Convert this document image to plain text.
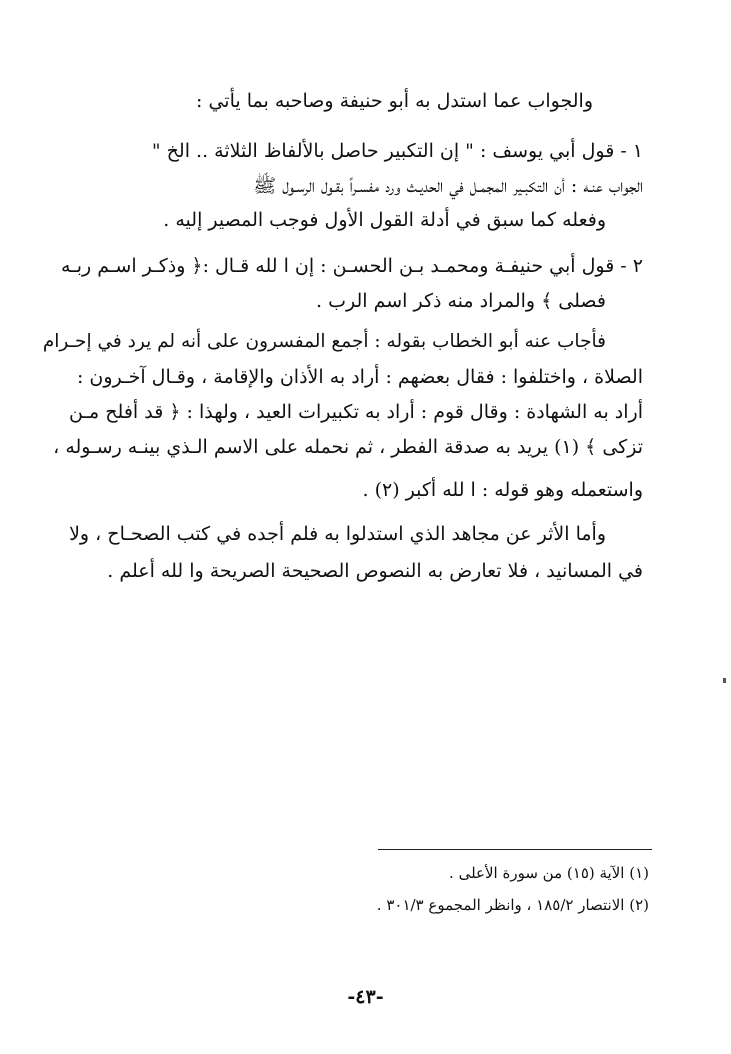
والجواب عما استدل به أبو حنيفة وصاحبه بما يأتي :
١ - قول أبي يوسف : " إن التكبير حاصل بالألفاظ الثلاثة .. الخ "
الجواب عنـه : أن التكبـير المجمـل في الحديـث ورد مفسـراً بقـول الرسـول ﷺ
وفعله كما سبق في أدلة القول الأول فوجب المصير إليه .
٢ - قول أبي حنيفـة ومحمـد بـن الحسـن : إن ا لله قـال :﴿ وذكـر اسـم ربـه
فصلى ﴾ والمراد منه ذكر اسم الرب .
فأجاب عنه أبو الخطاب بقوله : أجمع المفسرون على أنه لم يرد في إحـرام
الصلاة ، واختلفوا : فقال بعضهم : أراد به الأذان والإقامة ، وقـال آخـرون :
أراد به الشهادة : وقال قوم : أراد به تكبيرات العيد ، ولهذا : ﴿ قد أفلح مـن
تزكى ﴾ (١) يريد به صدقة الفطر ، ثم نحمله على الاسم الـذي بينـه رسـوله ،
واستعمله وهو قوله : ا لله أكبر (٢) .
وأما الأثر عن مجاهد الذي استدلوا به فلم أجده في كتب الصحـاح ، ولا
في المسانيد ، فلا تعارض به النصوص الصحيحة الصريحة وا لله أعلم .
(١) الآية (١٥) من سورة الأعلى .
(٢) الانتصار ١٨٥/٢ ، وانظر المجموع ٣٠١/٣ .
-٤٣-
